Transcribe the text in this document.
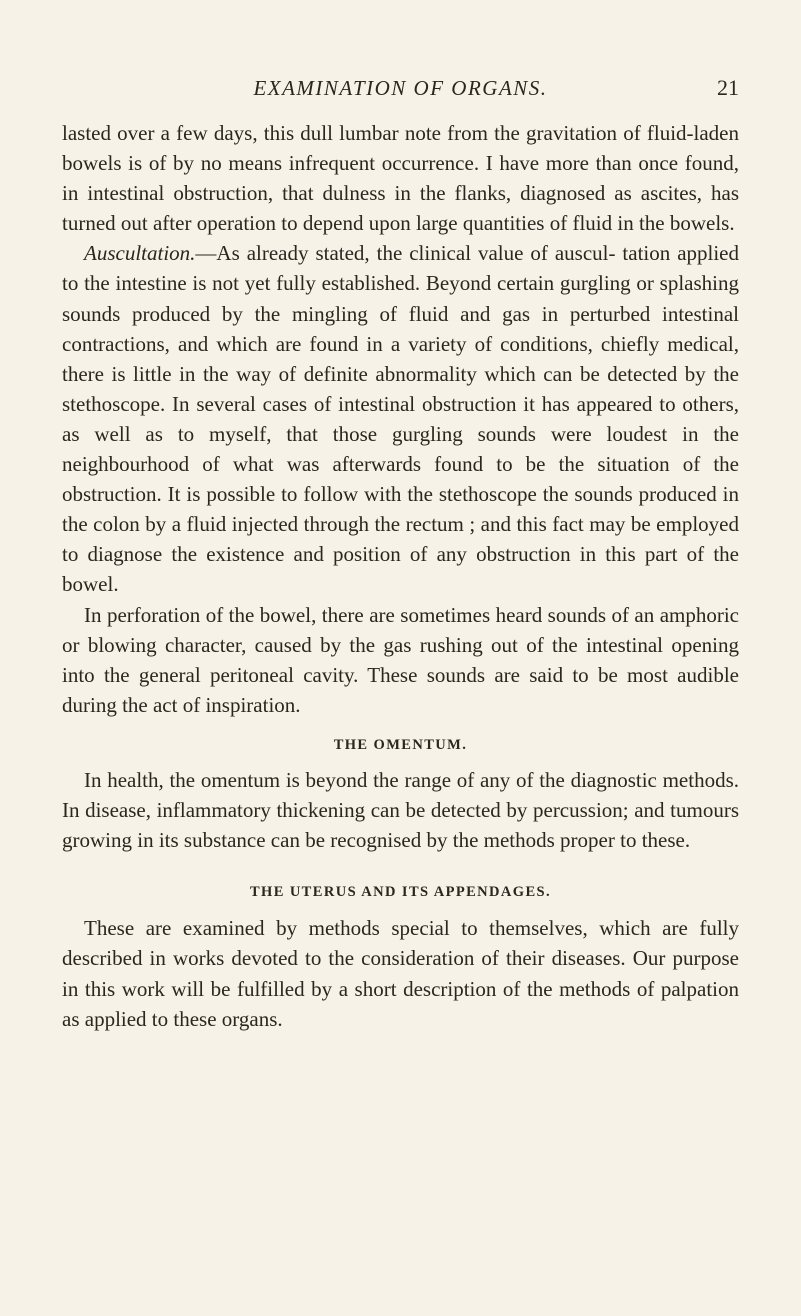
EXAMINATION OF ORGANS.	21

lasted over a few days, this dull lumbar note from the gravitation of fluid-laden bowels is of by no means infrequent occurrence. I have more than once found, in intestinal obstruction, that dulness in the flanks, diagnosed as ascites, has turned out after operation to depend upon large quantities of fluid in the bowels.

Auscultation.—As already stated, the clinical value of auscul- tation applied to the intestine is not yet fully established. Beyond certain gurgling or splashing sounds produced by the mingling of fluid and gas in perturbed intestinal contractions, and which are found in a variety of conditions, chiefly medical, there is little in the way of definite abnormality which can be detected by the stethoscope. In several cases of intestinal obstruction it has appeared to others, as well as to myself, that those gurgling sounds were loudest in the neighbourhood of what was afterwards found to be the situation of the obstruction. It is possible to follow with the stethoscope the sounds produced in the colon by a fluid injected through the rectum ; and this fact may be employed to diagnose the existence and position of any obstruction in this part of the bowel.

In perforation of the bowel, there are sometimes heard sounds of an amphoric or blowing character, caused by the gas rushing out of the intestinal opening into the general peritoneal cavity. These sounds are said to be most audible during the act of inspiration.

THE OMENTUM.

In health, the omentum is beyond the range of any of the diagnostic methods. In disease, inflammatory thickening can be detected by percussion; and tumours growing in its substance can be recognised by the methods proper to these.

THE UTERUS AND ITS APPENDAGES.

These are examined by methods special to themselves, which are fully described in works devoted to the consideration of their diseases. Our purpose in this work will be fulfilled by a short description of the methods of palpation as applied to these organs.
